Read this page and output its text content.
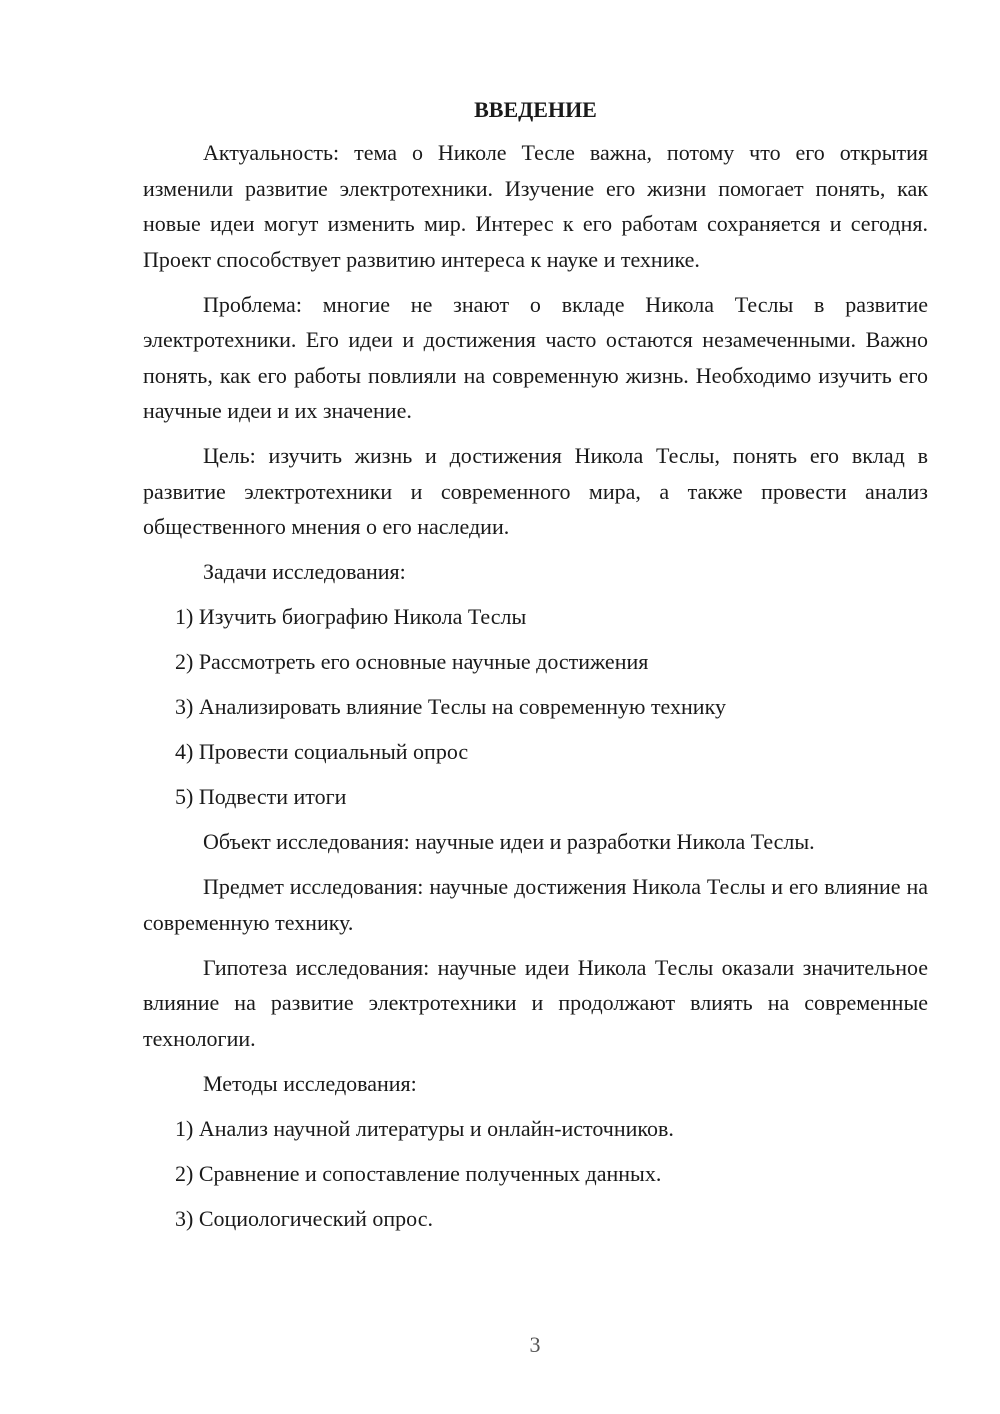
ВВЕДЕНИЕ

Актуальность: тема о Николе Тесле важна, потому что его открытия изменили развитие электротехники. Изучение его жизни помогает понять, как новые идеи могут изменить мир. Интерес к его работам сохраняется и сегодня. Проект способствует развитию интереса к науке и технике.

Проблема: многие не знают о вкладе Никола Теслы в развитие электротехники. Его идеи и достижения часто остаются незамеченными. Важно понять, как его работы повлияли на современную жизнь. Необходимо изучить его научные идеи и их значение.

Цель: изучить жизнь и достижения Никола Теслы, понять его вклад в развитие электротехники и современного мира, а также провести анализ общественного мнения о его наследии.

Задачи исследования:

1) Изучить биографию Никола Теслы

2) Рассмотреть его основные научные достижения

3) Анализировать влияние Теслы на современную технику

4) Провести социальный опрос

5) Подвести итоги

Объект исследования: научные идеи и разработки Никола Теслы.

Предмет исследования: научные достижения Никола Теслы и его влияние на современную технику.

Гипотеза исследования: научные идеи Никола Теслы оказали значительное влияние на развитие электротехники и продолжают влиять на современные технологии.

Методы исследования:

1) Анализ научной литературы и онлайн-источников.

2) Сравнение и сопоставление полученных данных.

3) Социологический опрос.

3
